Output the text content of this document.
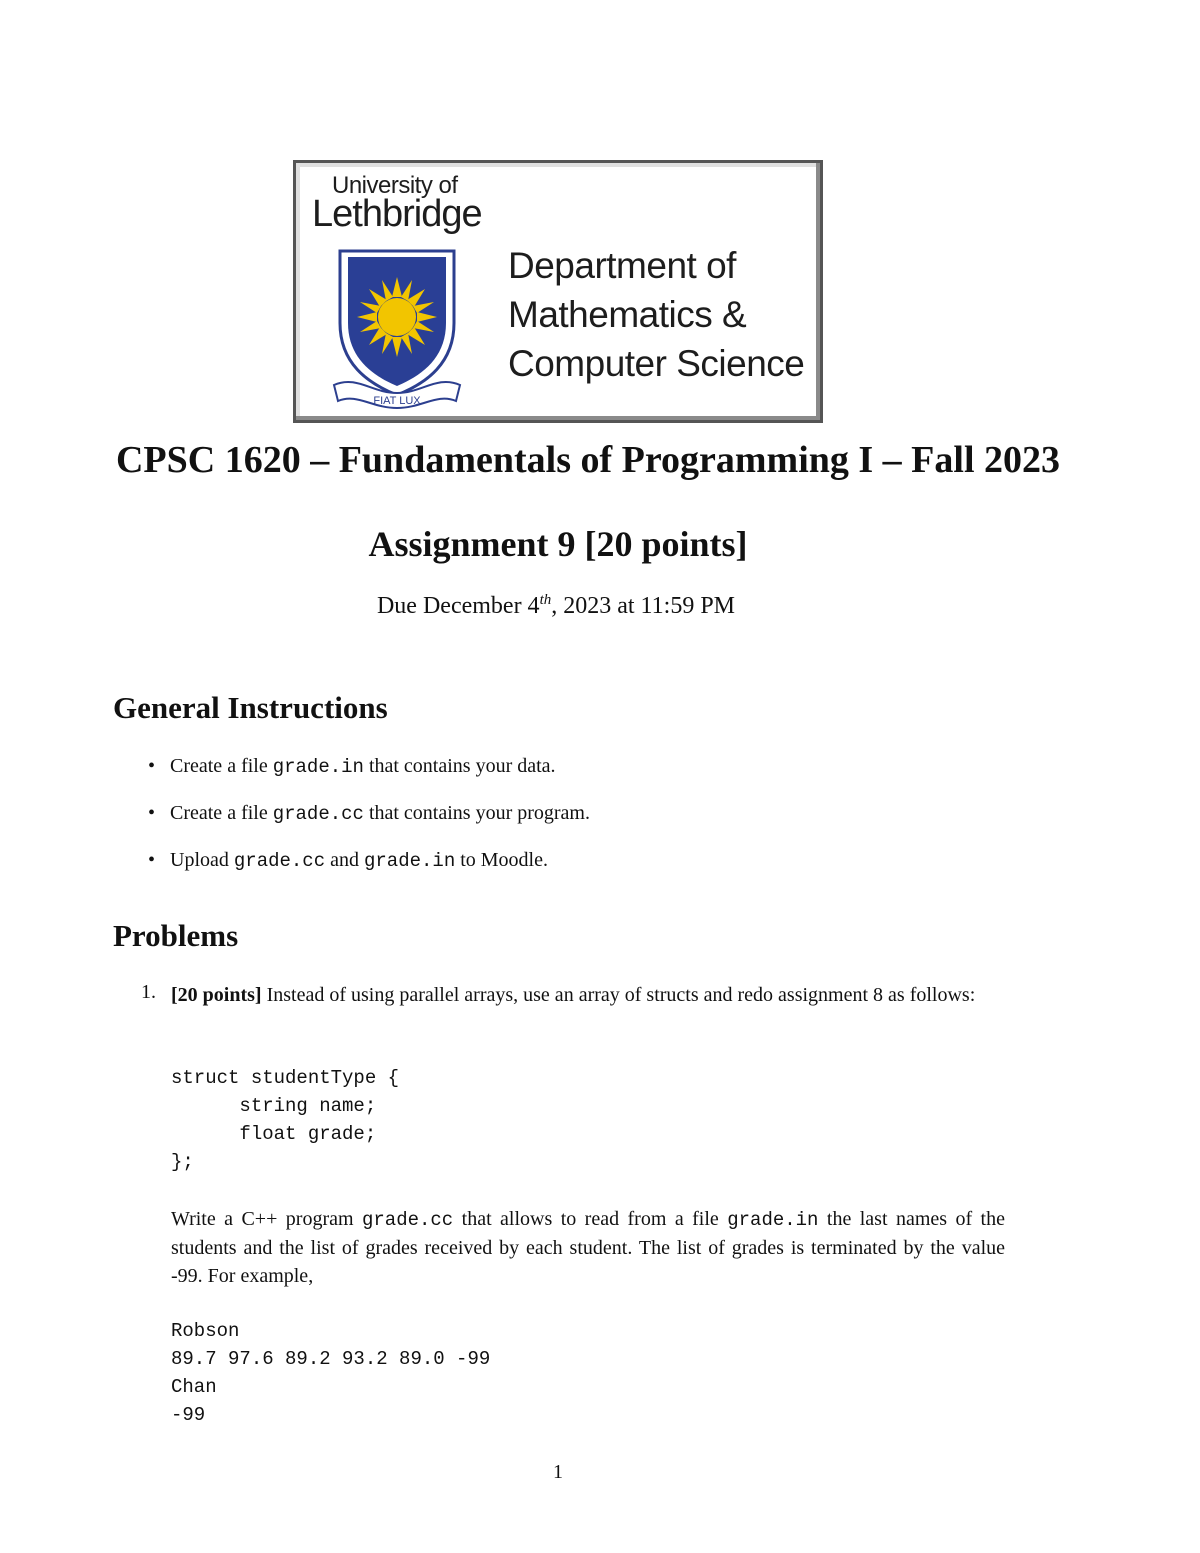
University of
Lethbridge
FIAT LUX
Department of
Mathematics &
Computer Science
CPSC 1620 – Fundamentals of Programming I – Fall 2023
Assignment 9 [20 points]
Due December 4th, 2023 at 11:59 PM
General Instructions
• Create a file grade.in that contains your data.
• Create a file grade.cc that contains your program.
• Upload grade.cc and grade.in to Moodle.
Problems
1. [20 points] Instead of using parallel arrays, use an array of structs and redo assignment 8 as follows:
struct studentType {
string name;
float grade;
};
Write a C++ program grade.cc that allows to read from a file grade.in the last names of the students and the list of grades received by each student. The list of grades is terminated by the value -99. For example,
Robson
89.7 97.6 89.2 93.2 89.0 -99
Chan
-99
1
